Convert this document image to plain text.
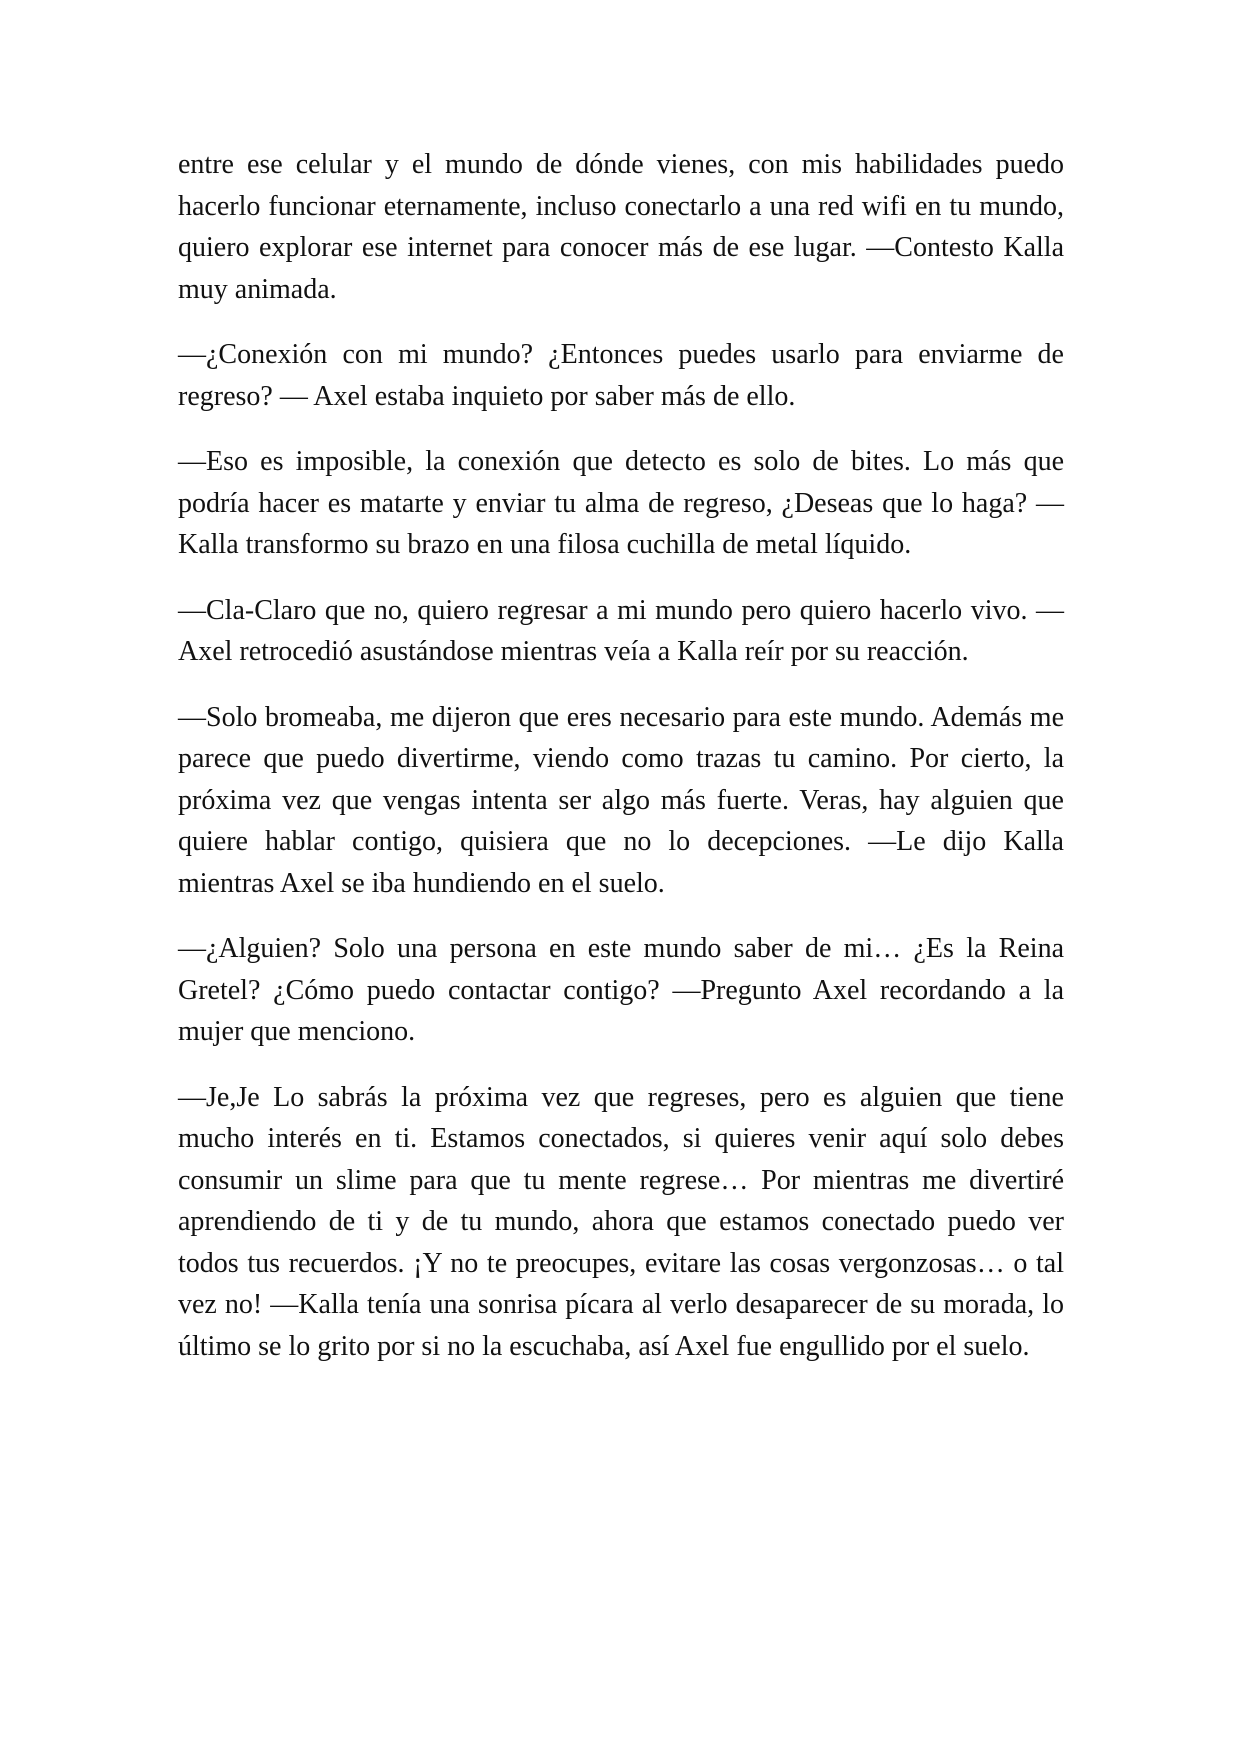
entre ese celular y el mundo de dónde vienes, con mis habilidades puedo hacerlo funcionar eternamente, incluso conectarlo a una red wifi en tu mundo, quiero explorar ese internet para conocer más de ese lugar. —Contesto Kalla muy animada.

—¿Conexión con mi mundo? ¿Entonces puedes usarlo para enviarme de regreso? — Axel estaba inquieto por saber más de ello.

—Eso es imposible, la conexión que detecto es solo de bites. Lo más que podría hacer es matarte y enviar tu alma de regreso, ¿Deseas que lo haga? —Kalla transformo su brazo en una filosa cuchilla de metal líquido.

—Cla-Claro que no, quiero regresar a mi mundo pero quiero hacerlo vivo. — Axel retrocedió asustándose mientras veía a Kalla reír por su reacción.

—Solo bromeaba, me dijeron que eres necesario para este mundo. Además me parece que puedo divertirme, viendo como trazas tu camino. Por cierto, la próxima vez que vengas intenta ser algo más fuerte. Veras, hay alguien que quiere hablar contigo, quisiera que no lo decepciones. —Le dijo Kalla mientras Axel se iba hundiendo en el suelo.

—¿Alguien? Solo una persona en este mundo saber de mi… ¿Es la Reina Gretel? ¿Cómo puedo contactar contigo? —Pregunto Axel recordando a la mujer que menciono.

—Je,Je Lo sabrás la próxima vez que regreses, pero es alguien que tiene mucho interés en ti. Estamos conectados, si quieres venir aquí solo debes consumir un slime para que tu mente regrese… Por mientras me divertiré aprendiendo de ti y de tu mundo, ahora que estamos conectado puedo ver todos tus recuerdos. ¡Y no te preocupes, evitare las cosas vergonzosas… o tal vez no! —Kalla tenía una sonrisa pícara al verlo desaparecer de su morada, lo último se lo grito por si no la escuchaba, así Axel fue engullido por el suelo.
